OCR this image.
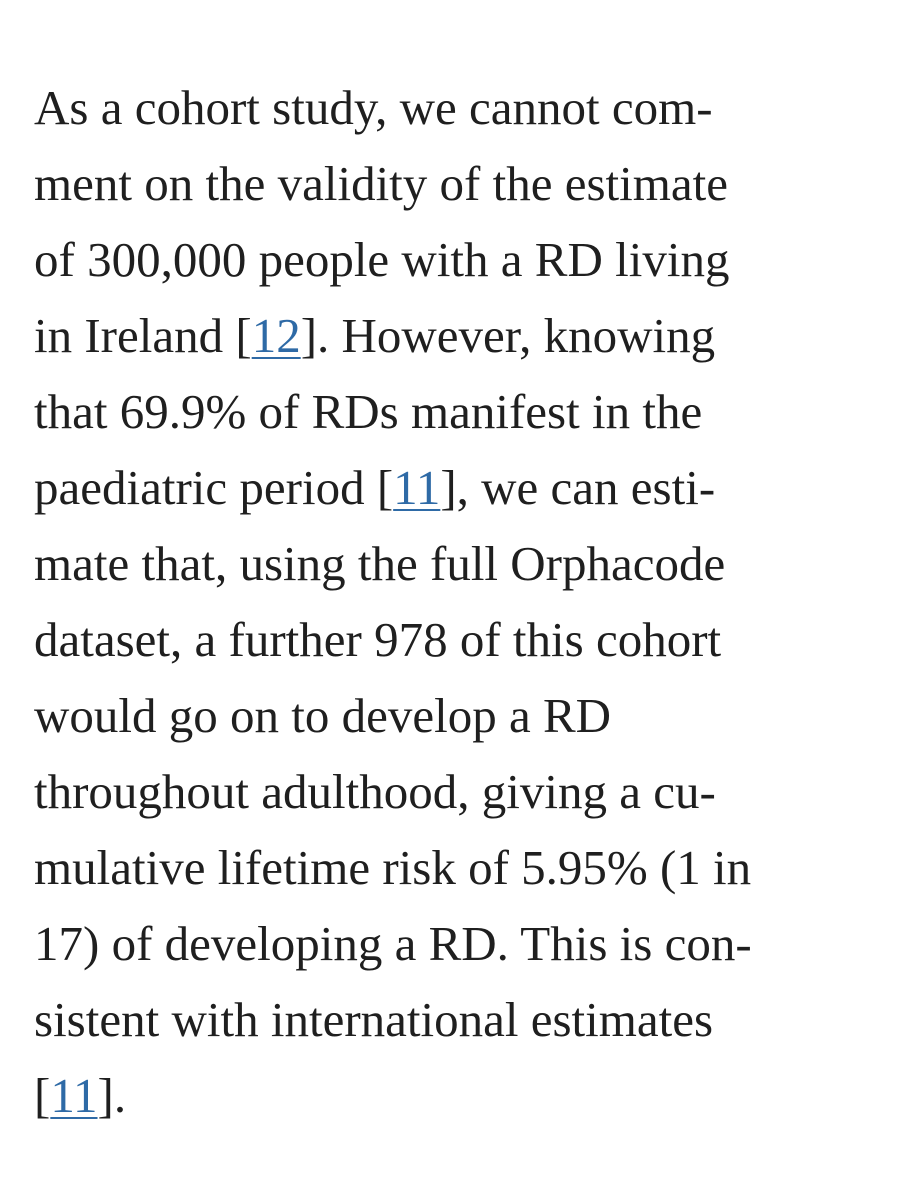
As a cohort study, we cannot com-
ment on the validity of the estimate
of 300,000 people with a RD living
in Ireland [12]. However, knowing
that 69.9% of RDs manifest in the
paediatric period [11], we can esti-
mate that, using the full Orphacode
dataset, a further 978 of this cohort
would go on to develop a RD
throughout adulthood, giving a cu-
mulative lifetime risk of 5.95% (1 in
17) of developing a RD. This is con-
sistent with international estimates
[11].
